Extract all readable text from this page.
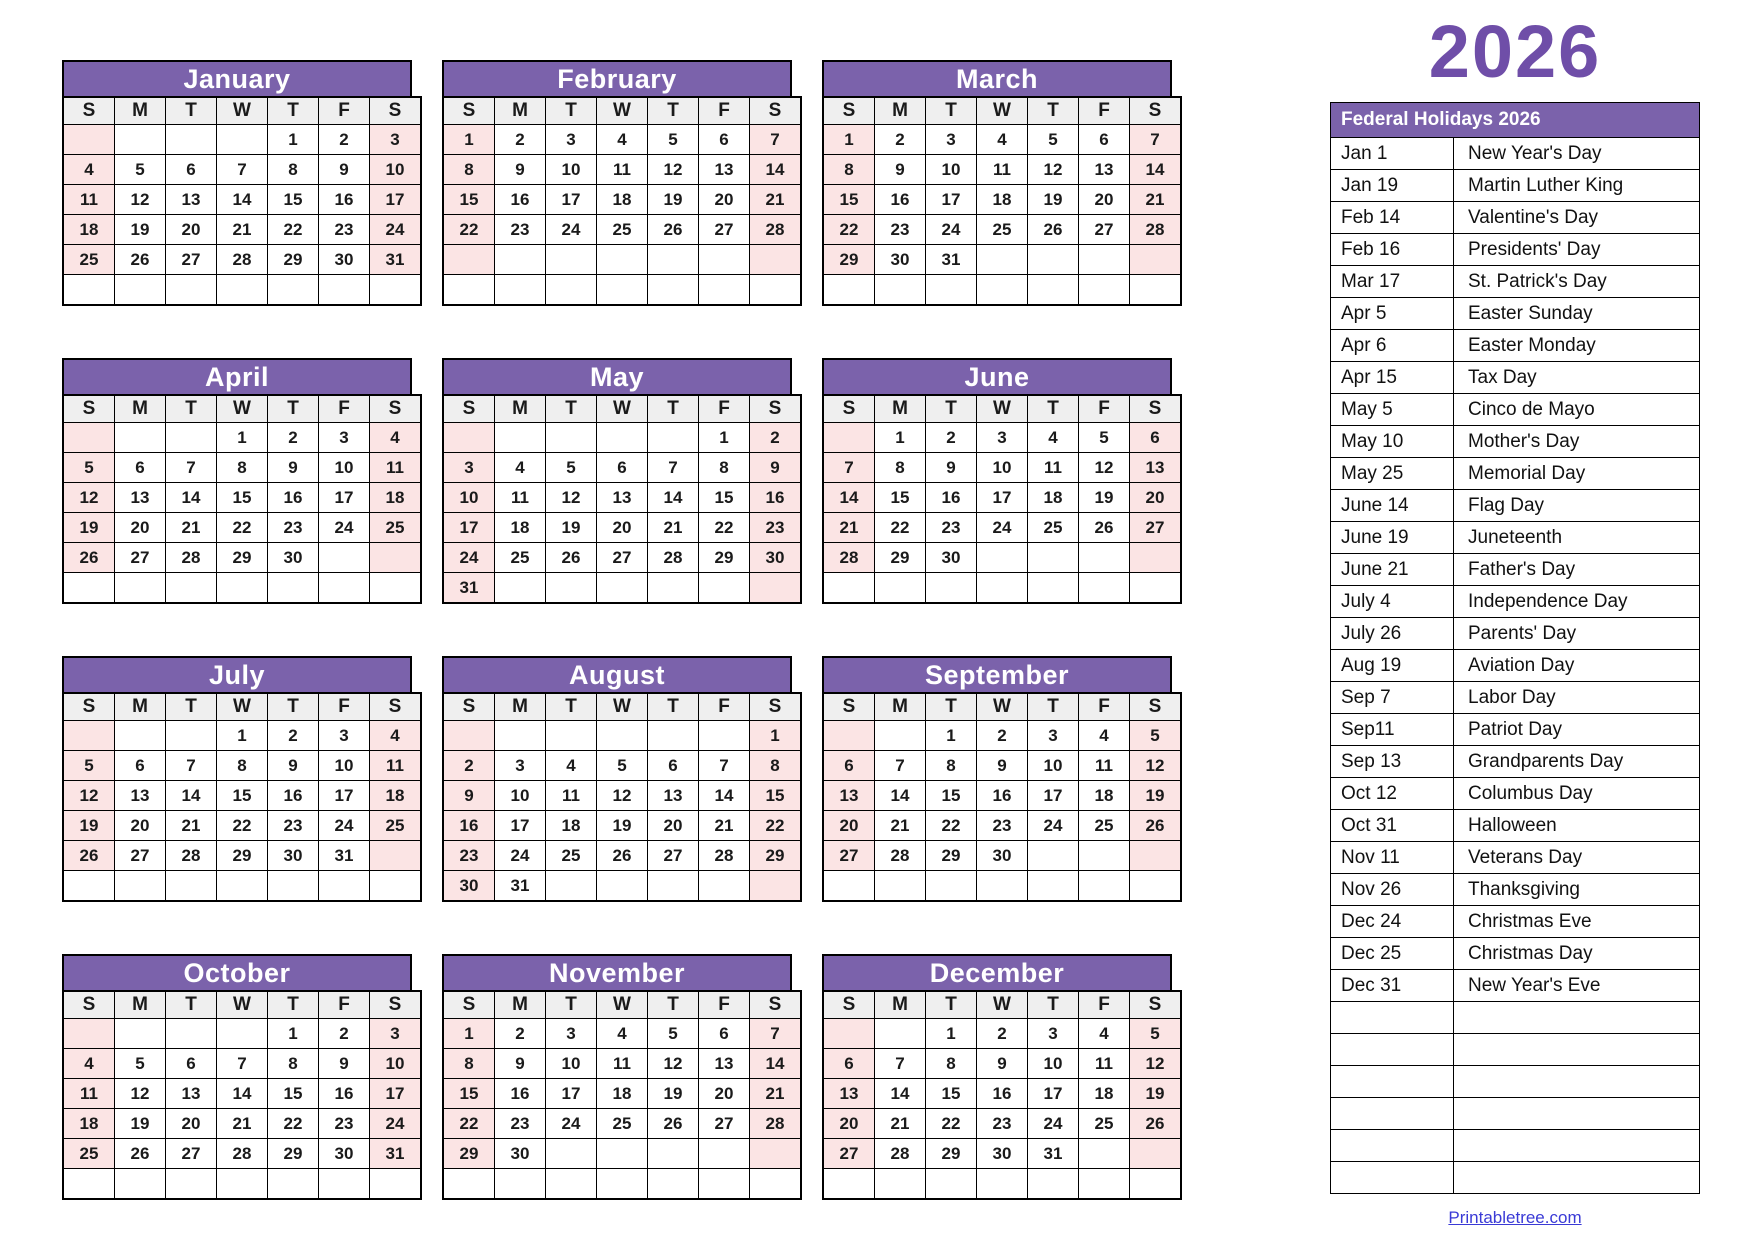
January
S	M	T	W	T	F	S
				1	2	3
4	5	6	7	8	9	10
11	12	13	14	15	16	17
18	19	20	21	22	23	24
25	26	27	28	29	30	31

February
S	M	T	W	T	F	S
1	2	3	4	5	6	7
8	9	10	11	12	13	14
15	16	17	18	19	20	21
22	23	24	25	26	27	28

March
S	M	T	W	T	F	S
1	2	3	4	5	6	7
8	9	10	11	12	13	14
15	16	17	18	19	20	21
22	23	24	25	26	27	28
29	30	31				

April
S	M	T	W	T	F	S
			1	2	3	4
5	6	7	8	9	10	11
12	13	14	15	16	17	18
19	20	21	22	23	24	25
26	27	28	29	30		

May
S	M	T	W	T	F	S
					1	2
3	4	5	6	7	8	9
10	11	12	13	14	15	16
17	18	19	20	21	22	23
24	25	26	27	28	29	30
31						
June
S	M	T	W	T	F	S
	1	2	3	4	5	6
7	8	9	10	11	12	13
14	15	16	17	18	19	20
21	22	23	24	25	26	27
28	29	30				

July
S	M	T	W	T	F	S
			1	2	3	4
5	6	7	8	9	10	11
12	13	14	15	16	17	18
19	20	21	22	23	24	25
26	27	28	29	30	31	

August
S	M	T	W	T	F	S
						1
2	3	4	5	6	7	8
9	10	11	12	13	14	15
16	17	18	19	20	21	22
23	24	25	26	27	28	29
30	31					
September
S	M	T	W	T	F	S
		1	2	3	4	5
6	7	8	9	10	11	12
13	14	15	16	17	18	19
20	21	22	23	24	25	26
27	28	29	30			

October
S	M	T	W	T	F	S
				1	2	3
4	5	6	7	8	9	10
11	12	13	14	15	16	17
18	19	20	21	22	23	24
25	26	27	28	29	30	31

November
S	M	T	W	T	F	S
1	2	3	4	5	6	7
8	9	10	11	12	13	14
15	16	17	18	19	20	21
22	23	24	25	26	27	28
29	30					

December
S	M	T	W	T	F	S
		1	2	3	4	5
6	7	8	9	10	11	12
13	14	15	16	17	18	19
20	21	22	23	24	25	26
27	28	29	30	31		

2026
Federal Holidays 2026
Jan 1	New Year's Day
Jan 19	Martin Luther King
Feb 14	Valentine's Day
Feb 16	Presidents' Day
Mar 17	St. Patrick's Day
Apr 5	Easter Sunday
Apr 6	Easter Monday
Apr 15	Tax Day
May 5	Cinco de Mayo
May 10	Mother's Day
May 25	Memorial Day
June 14	Flag Day
June 19	Juneteenth
June 21	Father's Day
July 4	Independence Day
July 26	Parents' Day
Aug 19	Aviation Day
Sep 7	Labor Day
Sep11	Patriot Day
Sep 13	Grandparents Day
Oct 12	Columbus Day
Oct 31	Halloween
Nov 11	Veterans Day
Nov 26	Thanksgiving
Dec 24	Christmas Eve
Dec 25	Christmas Day
Dec 31	New Year's Eve

Printabletree.com
